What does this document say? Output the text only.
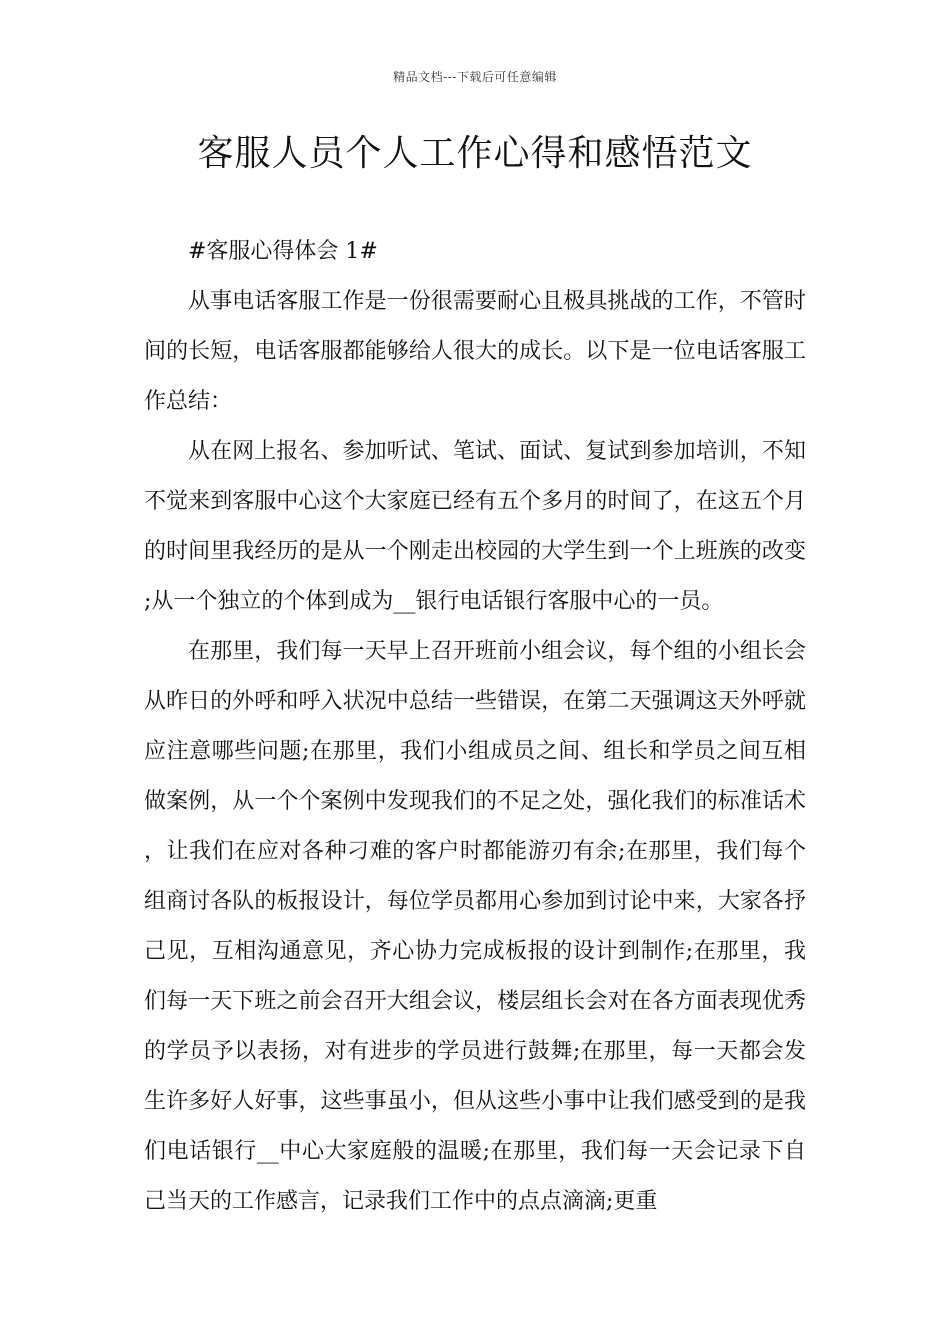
精品文档---下载后可任意编辑
客服人员个人工作心得和感悟范文

#客服心得体会 1#

从事电话客服工作是一份很需要耐心且极具挑战的工作，不管时间的长短，电话客服都能够给人很大的成长。以下是一位电话客服工作总结：

从在网上报名、参加听试、笔试、面试、复试到参加培训，不知不觉来到客服中心这个大家庭已经有五个多月的时间了，在这五个月的时间里我经历的是从一个刚走出校园的大学生到一个上班族的改变;从一个独立的个体到成为__银行电话银行客服中心的一员。

在那里，我们每一天早上召开班前小组会议，每个组的小组长会从昨日的外呼和呼入状况中总结一些错误，在第二天强调这天外呼就应注意哪些问题;在那里，我们小组成员之间、组长和学员之间互相做案例，从一个个案例中发现我们的不足之处，强化我们的标准话术，让我们在应对各种刁难的客户时都能游刃有余;在那里，我们每个组商讨各队的板报设计，每位学员都用心参加到讨论中来，大家各抒己见，互相沟通意见，齐心协力完成板报的设计到制作;在那里，我们每一天下班之前会召开大组会议，楼层组长会对在各方面表现优秀的学员予以表扬，对有进步的学员进行鼓舞;在那里，每一天都会发生许多好人好事，这些事虽小，但从这些小事中让我们感受到的是我们电话银行__中心大家庭般的温暖;在那里，我们每一天会记录下自己当天的工作感言，记录我们工作中的点点滴滴;更重
